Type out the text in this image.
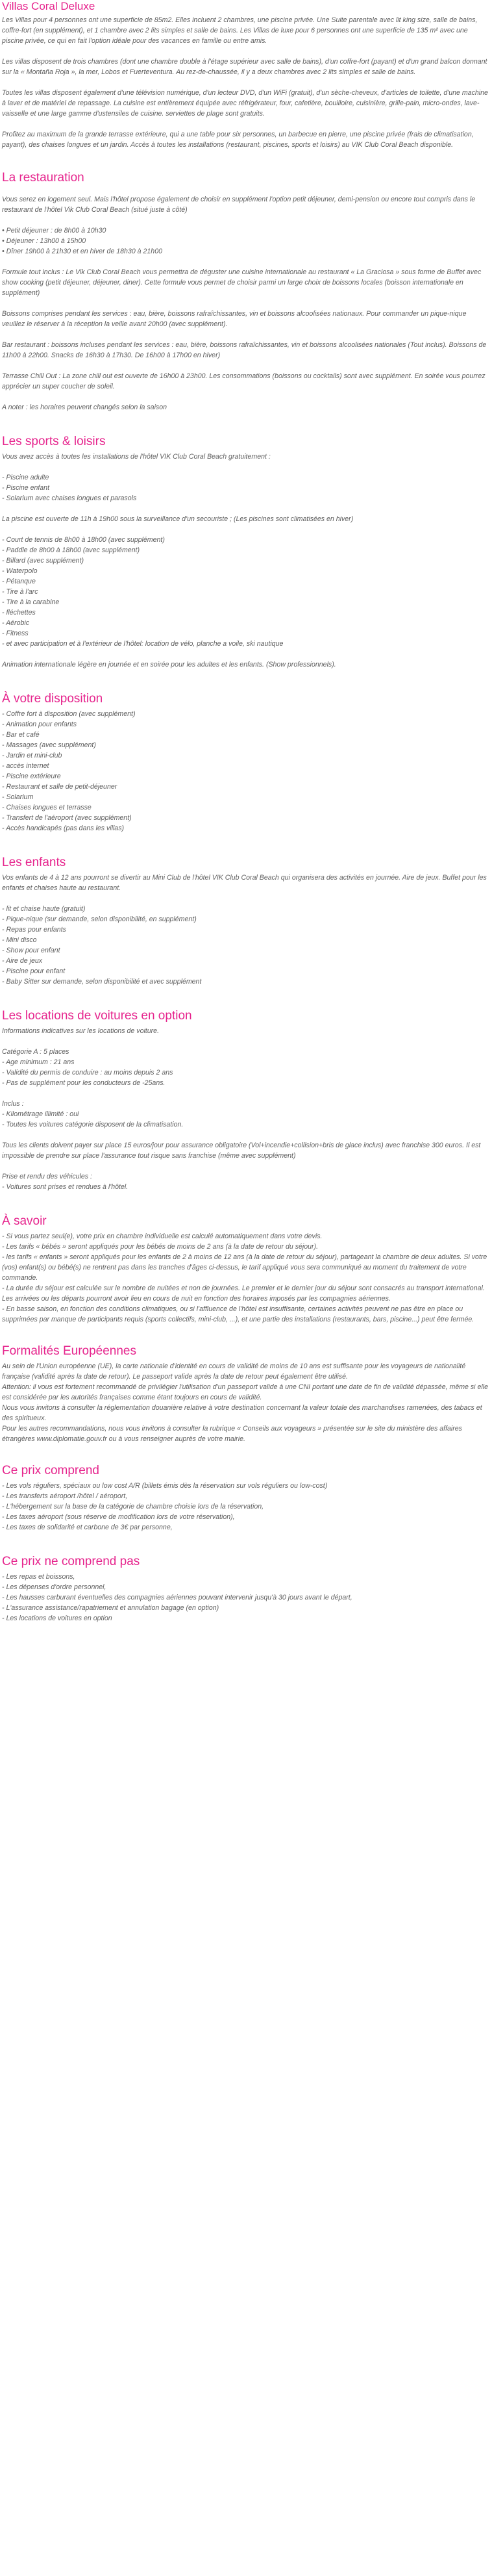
Villas Coral Deluxe

Les Villas pour 4 personnes ont une superficie de 85m2. Elles incluent 2 chambres, une piscine privée. Une Suite parentale avec lit king size, salle de bains, coffre-fort (en supplément), et 1 chambre avec 2 lits simples et salle de bains. Les Villas de luxe pour 6 personnes ont une superficie de 135 m² avec une piscine privée, ce qui en fait l'option idéale pour des vacances en famille ou entre amis.

Les villas disposent de trois chambres (dont une chambre double à l'étage supérieur avec salle de bains), d'un coffre-fort (payant) et d'un grand balcon donnant sur la « Montaña Roja », la mer, Lobos et Fuerteventura. Au rez-de-chaussée, il y a deux chambres avec 2 lits simples et salle de bains.

Toutes les villas disposent également d'une télévision numérique, d'un lecteur DVD, d'un WiFi (gratuit), d'un sèche-cheveux, d'articles de toilette, d'une machine à laver et de matériel de repassage. La cuisine est entièrement équipée avec réfrigérateur, four, cafetière, bouilloire, cuisinière, grille-pain, micro-ondes, lave-vaisselle et une large gamme d'ustensiles de cuisine. serviettes de plage sont gratuits.

Profitez au maximum de la grande terrasse extérieure, qui a une table pour six personnes, un barbecue en pierre, une piscine privée (frais de climatisation, payant), des chaises longues et un jardin. Accès à toutes les installations (restaurant, piscines, sports et loisirs) au VIK Club Coral Beach disponible.

La restauration

Vous serez en logement seul. Mais l'hôtel propose également de choisir en supplément l'option petit déjeuner, demi-pension ou encore tout compris dans le restaurant de l'hôtel Vik Club Coral Beach (situé juste à côté)

• Petit déjeuner : de 8h00 à 10h30

• Déjeuner : 13h00 à 15h00

• Dîner 19h00 à 21h30 et en hiver de 18h30 à 21h00

Formule tout inclus : Le Vik Club Coral Beach vous permettra de déguster une cuisine internationale au restaurant « La Graciosa » sous forme de Buffet avec show cooking (petit déjeuner, déjeuner, diner). Cette formule vous permet de choisir parmi un large choix de boissons locales (boisson internationale en supplément)

Boissons comprises pendant les services : eau, bière, boissons rafraîchissantes, vin et boissons alcoolisées nationaux. Pour commander un pique-nique veuillez le réserver à la réception la veille avant 20h00 (avec supplément).

Bar restaurant : boissons incluses pendant les services : eau, bière, boissons rafraîchissantes, vin et boissons alcoolisées nationales (Tout inclus). Boissons de 11h00 à 22h00. Snacks de 16h30 à 17h30. De 16h00 à 17h00 en hiver)

Terrasse Chill Out : La zone chill out est ouverte de 16h00 à 23h00. Les consommations (boissons ou cocktails) sont avec supplément. En soirée vous pourrez apprécier un super coucher de soleil.

A noter : les horaires peuvent changés selon la saison

Les sports & loisirs

Vous avez accès à toutes les installations de l'hôtel VIK Club Coral Beach gratuitement :

- Piscine adulte

- Piscine enfant

- Solarium avec chaises longues et parasols

La piscine est ouverte de 11h à 19h00 sous la surveillance d'un secouriste ; (Les piscines sont climatisées en hiver)

- Court de tennis de 8h00 à 18h00 (avec supplément)

- Paddle de 8h00 à 18h00 (avec supplément)

- Billard (avec supplément)

- Waterpolo

- Pétanque

- Tire à l'arc

- Tire à la carabine

- fléchettes

- Aérobic

- Fitness

- et avec participation et à l'extérieur de l'hôtel: location de vélo, planche a voile, ski nautique

Animation internationale légère en journée et en soirée pour les adultes et les enfants. (Show professionnels).

À votre disposition

- Coffre fort à disposition (avec supplément)

- Animation pour enfants

- Bar et café

- Massages (avec supplément)

- Jardin et mini-club

- accès internet

- Piscine extérieure

- Restaurant et salle de petit-déjeuner

- Solarium

- Chaises longues et terrasse

- Transfert de l'aéroport (avec supplément)

- Accès handicapés (pas dans les villas)

Les enfants

Vos enfants de 4 à 12 ans pourront se divertir au Mini Club de l'hôtel VIK Club Coral Beach qui organisera des activités en journée. Aire de jeux. Buffet pour les enfants et chaises haute au restaurant.

- lit et chaise haute (gratuit)

- Pique-nique (sur demande, selon disponibilité, en supplément)

- Repas pour enfants

- Mini disco

- Show pour enfant

- Aire de jeux

- Piscine pour enfant

- Baby Sitter sur demande, selon disponibilité et avec supplément

Les locations de voitures en option

Informations indicatives sur les locations de voiture.

Catégorie A : 5 places

- Age minimum : 21 ans

- Validité du permis de conduire : au moins depuis 2 ans

- Pas de supplément pour les conducteurs de -25ans.

Inclus :

- Kilométrage illimité : oui

- Toutes les voitures catégorie disposent de la climatisation.

Tous les clients doivent payer sur place 15 euros/jour pour assurance obligatoire (Vol+incendie+collision+bris de glace inclus) avec franchise 300 euros. Il est impossible de prendre sur place l'assurance tout risque sans franchise (même avec supplément)

Prise et rendu des véhicules :

- Voitures sont prises et rendues à l'hôtel.

À savoir

- Si vous partez seul(e), votre prix en chambre individuelle est calculé automatiquement dans votre devis.

- Les tarifs « bébés » seront appliqués pour les bébés de moins de 2 ans (à la date de retour du séjour).

- les tarifs « enfants » seront appliqués pour les enfants de 2 à moins de 12 ans (à la date de retour du séjour), partageant la chambre de deux adultes. Si votre (vos) enfant(s) ou bébé(s) ne rentrent pas dans les tranches d'âges ci-dessus, le tarif appliqué vous sera communiqué au moment du traitement de votre commande.

- La durée du séjour est calculée sur le nombre de nuitées et non de journées. Le premier et le dernier jour du séjour sont consacrés au transport international. Les arrivées ou les départs pourront avoir lieu en cours de nuit en fonction des horaires imposés par les compagnies aériennes.

- En basse saison, en fonction des conditions climatiques, ou si l'affluence de l'hôtel est insuffisante, certaines activités peuvent ne pas être en place ou supprimées par manque de participants requis (sports collectifs, mini-club, ...), et une partie des installations (restaurants, bars, piscine...) peut être fermée.

Formalités Européennes

Au sein de l'Union européenne (UE), la carte nationale d'identité en cours de validité de moins de 10 ans est suffisante pour les voyageurs de nationalité française (validité après la date de retour). Le passeport valide après la date de retour peut également être utilisé.

Attention: il vous est fortement recommandé de privilégier l'utilisation d'un passeport valide à une CNI portant une date de fin de validité dépassée, même si elle est considérée par les autorités françaises comme étant toujours en cours de validité.

Nous vous invitons à consulter la réglementation douanière relative à votre destination concernant la valeur totale des marchandises ramenées, des tabacs et des spiritueux.

Pour les autres recommandations, nous vous invitons à consulter la rubrique « Conseils aux voyageurs » présentée sur le site du ministère des affaires étrangères www.diplomatie.gouv.fr ou à vous renseigner auprès de votre mairie.

Ce prix comprend

- Les vols réguliers, spéciaux ou low cost A/R (billets émis dès la réservation sur vols réguliers ou low-cost)

- Les transferts aéroport /hôtel / aéroport,

- L'hébergement sur la base de la catégorie de chambre choisie lors de la réservation,

- Les taxes aéroport (sous réserve de modification lors de votre réservation),

- Les taxes de solidarité et carbone de 3€ par personne,

Ce prix ne comprend pas

- Les repas et boissons,

- Les dépenses d'ordre personnel,

- Les hausses carburant éventuelles des compagnies aériennes pouvant intervenir jusqu'à 30 jours avant le départ,

- L'assurance assistance/rapatriement et annulation bagage (en option)

- Les locations de voitures en option
